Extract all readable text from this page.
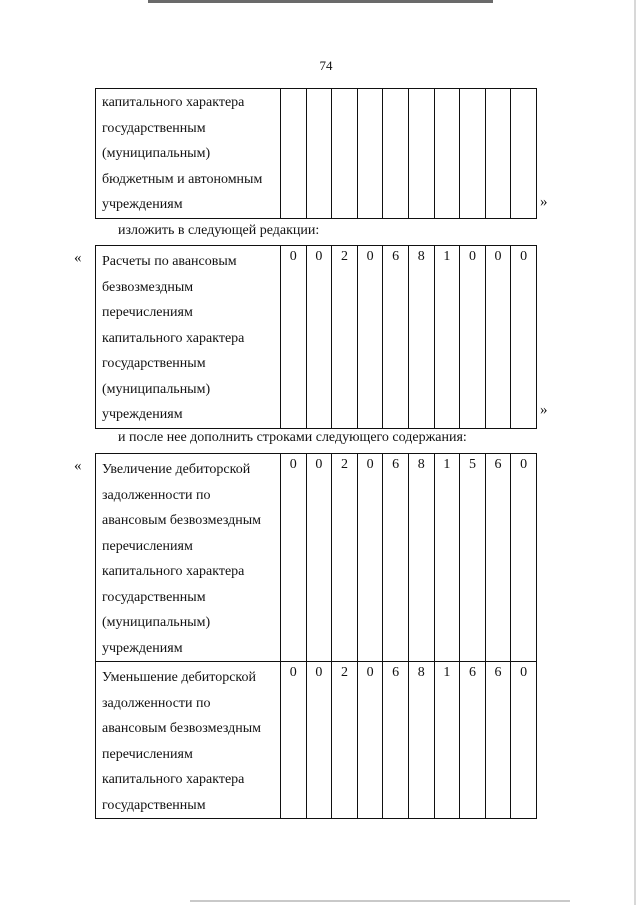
74
капитального характера
государственным
(муниципальным)
бюджетным и автономным
учреждениям	»
изложить в следующей редакции:
« Расчеты по авансовым
безвозмездным
перечислениям
капитального характера
государственным
(муниципальным)
учреждениям
0	0	2	0	6	8	1	0	0	0
»
и после нее дополнить строками следующего содержания:
« Увеличение дебиторской
задолженности по
авансовым безвозмездным
перечислениям
капитального характера
государственным
(муниципальным)
учреждениям
0	0	2	0	6	8	1	5	6	0
Уменьшение дебиторской
задолженности по
авансовым безвозмездным
перечислениям
капитального характера
государственным
0	0	2	0	6	8	1	6	6	0
